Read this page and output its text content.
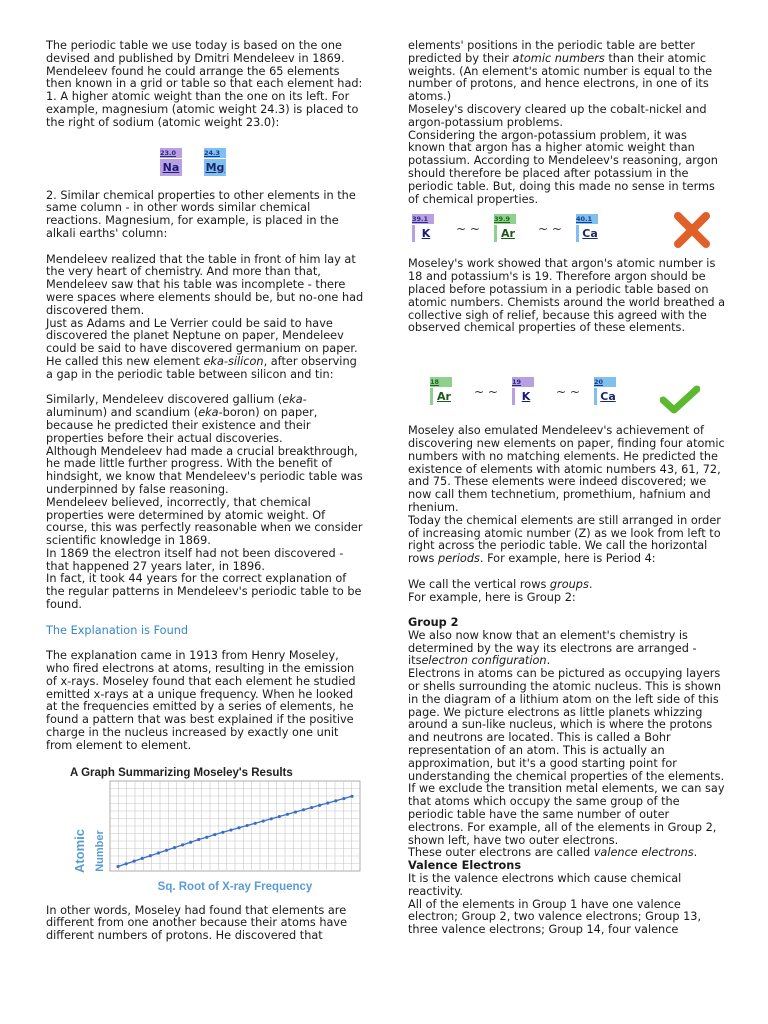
The periodic table we use today is based on the one devised and published by Dmitri Mendeleev in 1869. Mendeleev found he could arrange the 65 elements then known in a grid or table so that each element had:

1. A higher atomic weight than the one on its left. For example, magnesium (atomic weight 24.3) is placed to the right of sodium (atomic weight 23.0):

23.0
Na
24.3
Mg

2. Similar chemical properties to other elements in the same column - in other words similar chemical reactions. Magnesium, for example, is placed in the alkali earths' column:

Mendeleev realized that the table in front of him lay at the very heart of chemistry. And more than that, Mendeleev saw that his table was incomplete - there were spaces where elements should be, but no-one had discovered them.

Just as Adams and Le Verrier could be said to have discovered the planet Neptune on paper, Mendeleev could be said to have discovered germanium on paper. He called this new element eka-silicon, after observing a gap in the periodic table between silicon and tin:

Similarly, Mendeleev discovered gallium (eka-aluminum) and scandium (eka-boron) on paper, because he predicted their existence and their properties before their actual discoveries.

Although Mendeleev had made a crucial breakthrough, he made little further progress. With the benefit of hindsight, we know that Mendeleev's periodic table was underpinned by false reasoning.

Mendeleev believed, incorrectly, that chemical properties were determined by atomic weight. Of course, this was perfectly reasonable when we consider scientific knowledge in 1869.

In 1869 the electron itself had not been discovered - that happened 27 years later, in 1896.

In fact, it took 44 years for the correct explanation of the regular patterns in Mendeleev's periodic table to be found.

The Explanation is Found

The explanation came in 1913 from Henry Moseley, who fired electrons at atoms, resulting in the emission of x-rays. Moseley found that each element he studied emitted x-rays at a unique frequency. When he looked at the frequencies emitted by a series of elements, he found a pattern that was best explained if the positive charge in the nucleus increased by exactly one unit from element to element.

A Graph Summarizing Moseley's Results
Atomic Number
Sq. Root of X-ray Frequency

In other words, Moseley had found that elements are different from one another because their atoms have different numbers of protons. He discovered that

elements' positions in the periodic table are better predicted by their atomic numbers than their atomic weights. (An element's atomic number is equal to the number of protons, and hence electrons, in one of its atoms.)

Moseley's discovery cleared up the cobalt-nickel and argon-potassium problems.

Considering the argon-potassium problem, it was known that argon has a higher atomic weight than potassium. According to Mendeleev's reasoning, argon should therefore be placed after potassium in the periodic table. But, doing this made no sense in terms of chemical properties.

39.1
K	~ ~
39.9
Ar	~ ~
40.1
Ca

Moseley's work showed that argon's atomic number is 18 and potassium's is 19. Therefore argon should be placed before potassium in a periodic table based on atomic numbers. Chemists around the world breathed a collective sigh of relief, because this agreed with the observed chemical properties of these elements.

18
Ar	~ ~
19
K	~ ~
20
Ca

Moseley also emulated Mendeleev's achievement of discovering new elements on paper, finding four atomic numbers with no matching elements. He predicted the existence of elements with atomic numbers 43, 61, 72, and 75. These elements were indeed discovered; we now call them technetium, promethium, hafnium and rhenium.

Today the chemical elements are still arranged in order of increasing atomic number (Z) as we look from left to right across the periodic table. We call the horizontal rows periods. For example, here is Period 4:

We call the vertical rows groups.

For example, here is Group 2:

Group 2

We also now know that an element's chemistry is determined by the way its electrons are arranged - itselectron configuration.

Electrons in atoms can be pictured as occupying layers or shells surrounding the atomic nucleus. This is shown in the diagram of a lithium atom on the left side of this page. We picture electrons as little planets whizzing around a sun-like nucleus, which is where the protons and neutrons are located. This is called a Bohr representation of an atom. This is actually an approximation, but it's a good starting point for understanding the chemical properties of the elements.

If we exclude the transition metal elements, we can say that atoms which occupy the same group of the periodic table have the same number of outer electrons. For example, all of the elements in Group 2, shown left, have two outer electrons.

These outer electrons are called valence electrons.

Valence Electrons

It is the valence electrons which cause chemical reactivity.

All of the elements in Group 1 have one valence electron; Group 2, two valence electrons; Group 13, three valence electrons; Group 14, four valence
